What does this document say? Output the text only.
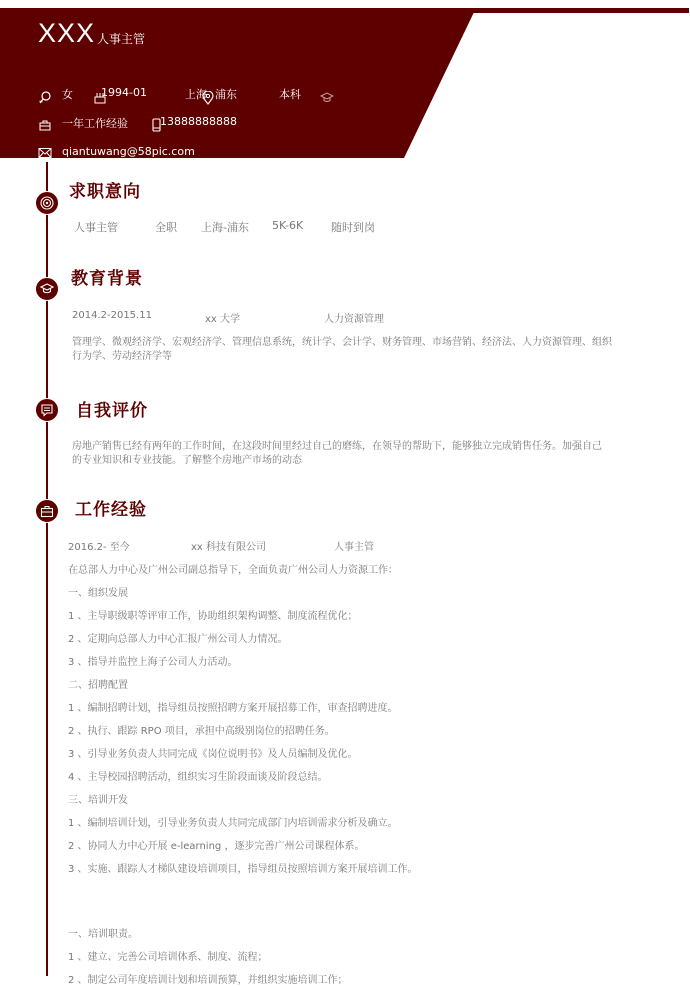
XXX 人事主管
女	1994-01	上海 浦东	本科
一年工作经验	13888888888
qiantuwang@58pic.com
求职意向
人事主管	全职 上海-浦东 5K-6K	随时到岗
教育背景
2014.2-2015.11	xx 大学	人力资源管理
管理学、微观经济学、宏观经济学、管理信息系统，统计学、会计学、财务管理、市场营销、经济法、人力资源管理、组织
行为学、劳动经济学等
自我评价
房地产销售已经有两年的工作时间，在这段时间里经过自己的磨练，在领导的帮助下，能够独立完成销售任务。加强自己
的专业知识和专业技能。了解整个房地产市场的动态
工作经验
2016.2- 至今	xx 科技有限公司	人事主管
在总部人力中心及广州公司副总指导下，全面负责广州公司人力资源工作：
一、组织发展
1 、主导职级职等评审工作，协助组织架构调整、制度流程优化；
2 、定期向总部人力中心汇报广州公司人力情况。
3 、指导并监控上海子公司人力活动。
二、招聘配置
1 、编制招聘计划，指导组员按照招聘方案开展招募工作，审查招聘进度。
2 、执行、跟踪 RPO 项目，承担中高级别岗位的招聘任务。
3 、引导业务负责人共同完成《岗位说明书》及人员编制及优化。
4 、主导校园招聘活动，组织实习生阶段面谈及阶段总结。
三、培训开发
1 、编制培训计划，引导业务负责人共同完成部门内培训需求分析及确立。
2 、协同人力中心开展 e-learning ，逐步完善广州公司课程体系。
3 、实施、跟踪人才梯队建设培训项目，指导组员按照培训方案开展培训工作。
一、培训职责。
1 、建立、完善公司培训体系、制度、流程；
2 、制定公司年度培训计划和培训预算，并组织实施培训工作；
